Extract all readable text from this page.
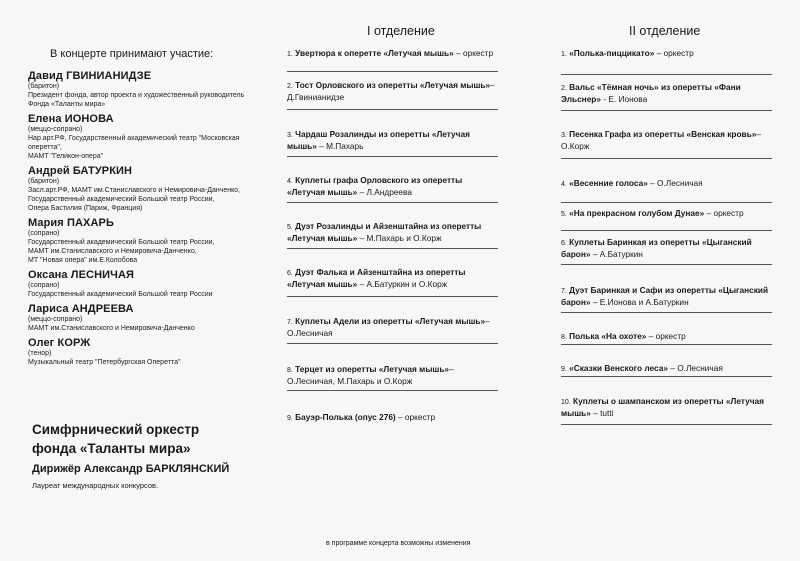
В концерте принимают участие:
Давид ГВИНИАНИДЗЕ
(баритон)
Президент фонда, автор проекта и художественный руководитель
Фонда «Таланты мира»
Елена ИОНОВА
(меццо-сопрано)
Нар.арт.РФ, Государственный академический театр "Московская оперетта",
МАМТ "Геликон-опера"
Андрей БАТУРКИН
(баритон)
Засл.арт.РФ, МАМТ им.Станиславского и Немировича-Данченко,
Государственный академический Большой театр России,
Опера Бастилия (Париж, Франция)
Мария ПАХАРЬ
(сопрано)
Государственный академический Большой театр России,
МАМТ им.Станиславского и Немировича-Данченко,
МТ "Новая опера" им.Е.Колобова
Оксана ЛЕСНИЧАЯ
(сопрано)
Государственный академический Большой театр России
Лариса АНДРЕЕВА
(меццо-сопрано)
МАМТ им.Станиславского и Немировича-Данченко
Олег КОРЖ
(тенор)
Музыкальный театр "Петербургская Оперетта"
Симфрнический оркестр
фонда «Таланты мира»
Дирижёр Александр БАРКЛЯНСКИЙ
Лауреат международных конкурсов.
I отделение
1. Увертюра к оперетте «Летучая мышь» – оркестр
2. Тост Орловского из оперетты «Летучая мышь»– Д.Гвинианидзе
3. Чардаш Розалинды из оперетты «Летучая мышь» – М.Пахарь
4. Куплеты графа Орловского из оперетты «Летучая мышь» – Л.Андреева
5. Дуэт Розалинды и Айзенштайна из оперетты «Летучая мышь» – М.Пахарь и О.Корж
6. Дуэт Фалька и Айзенштайна из оперетты «Летучая мышь» – А.Батуркин и О.Корж
7. Куплеты Адели из оперетты «Летучая мышь»– О.Лесничая
8. Терцет из оперетты «Летучая мышь»– О.Лесничая, М.Пахарь и О.Корж
9. Бауэр-Полька (опус 276) – оркестр
II отделение
1. «Полька-пиццикато» – оркестр
2. Вальс «Тёмная ночь» из оперетты «Фани Эльснер» - Е. Ионова
3. Песенка Графа из оперетты «Венская кровь»– О.Корж
4. «Весенние голоса» – О.Лесничая
5. «На прекрасном голубом Дунае» – оркестр
6. Куплеты Баринкая из оперетты «Цыганский барон» – А.Батуркин
7. Дуэт Баринкая и Сафи из оперетты «Цыганский барон» – Е.Ионова и А.Батуркин
8. Полька «На охоте» – оркестр
9. «Сказки Венского леса» – О.Лесничая
10. Куплеты о шампанском из оперетты «Летучая мышь» – tutti
в программе концерта возможны изменения
